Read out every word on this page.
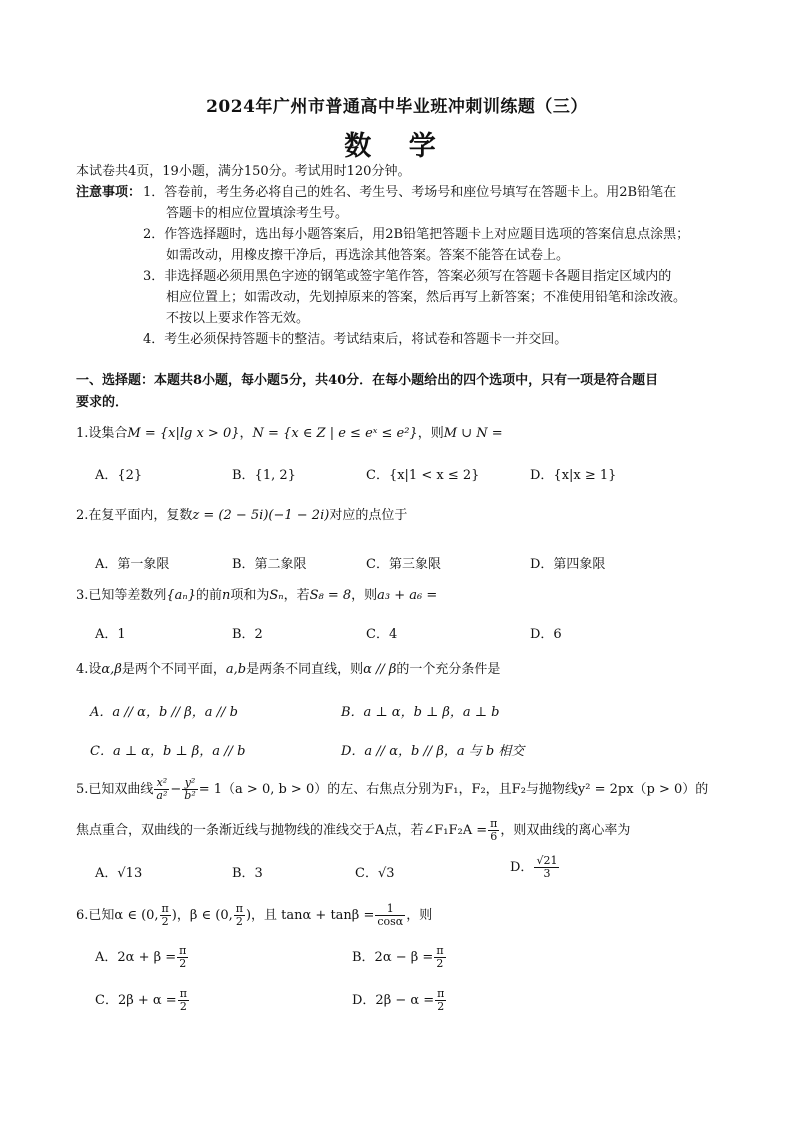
2024年广州市普通高中毕业班冲刺训练题（三）
数 学
本试卷共4页，19小题，满分150分。考试用时120分钟。
注意事项： 1．答卷前，考生务必将自己的姓名、考生号、考场号和座位号填写在答题卡上。用2B铅笔在
答题卡的相应位置填涂考生号。
2．作答选择题时，选出每小题答案后，用2B铅笔把答题卡上对应题目选项的答案信息点涂黑；
如需改动，用橡皮擦干净后，再选涂其他答案。答案不能答在试卷上。
3．非选择题必须用黑色字迹的钢笔或签字笔作答，答案必须写在答题卡各题目指定区域内的
相应位置上；如需改动，先划掉原来的答案，然后再写上新答案；不准使用铅笔和涂改液。
不按以上要求作答无效。
4．考生必须保持答题卡的整洁。考试结束后，将试卷和答题卡一并交回。
一、选择题：本题共8小题，每小题5分，共40分．在每小题给出的四个选项中，只有一项是符合题目
要求的．
1.设集合M = {x|lg x > 0}，N = {x ∈ Z | e ≤ eˣ ≤ e²}，则M ∪ N =
A．{2}	B．{1, 2}	C．{x|1 < x ≤ 2}	D．{x|x ≥ 1}
2.在复平面内，复数z = (2 − 5i)(−1 − 2i)对应的点位于
A．第一象限	B．第二象限	C．第三象限	D．第四象限
3.已知等差数列{aₙ}的前n项和为Sₙ，若S₈ = 8，则a₃ + a₆ =
A．1	B．2	C．4	D．6
4.设α,β是两个不同平面，a,b是两条不同直线，则α // β的一个充分条件是
A．a // α，b // β，a // b	B．a ⊥ α，b ⊥ β，a ⊥ b
C．a ⊥ α，b ⊥ β，a // b	D．a // α，b // β，a 与 b 相交
5.已知双曲线 $\frac{\text{x²}}{\text{a²}} - \frac{\text{y²}}{\text{b²}} = 1(a > 0$, b > 0）的左、右焦点分别为F₁，F₂，且F₂与抛物线y² = 2px（p > 0）的
焦点重合，双曲线的一条渐近线与抛物线的准线交于A点，若∠F₁F₂A = $\frac{\pi}{6}$ ，则双曲线的离心率为
A．√13	B．3	C．√3	D． $\frac{√21}{3}$
6.已知α ∈ (0, $\frac{\pi}{2}$ )，β ∈ (0, $\frac{\pi}{2}$ )，且 $\tan\alpha + \tan\beta = \frac{1}{\cos\alpha}$ ，则
A．$2\alpha + \beta = \frac{\pi}{2}$	B．$2\alpha - \beta = \frac{\pi}{2}$
C．$2\beta + \alpha = \frac{\pi}{2}$	D．$2\beta - \alpha = \frac{\pi}{2}$
